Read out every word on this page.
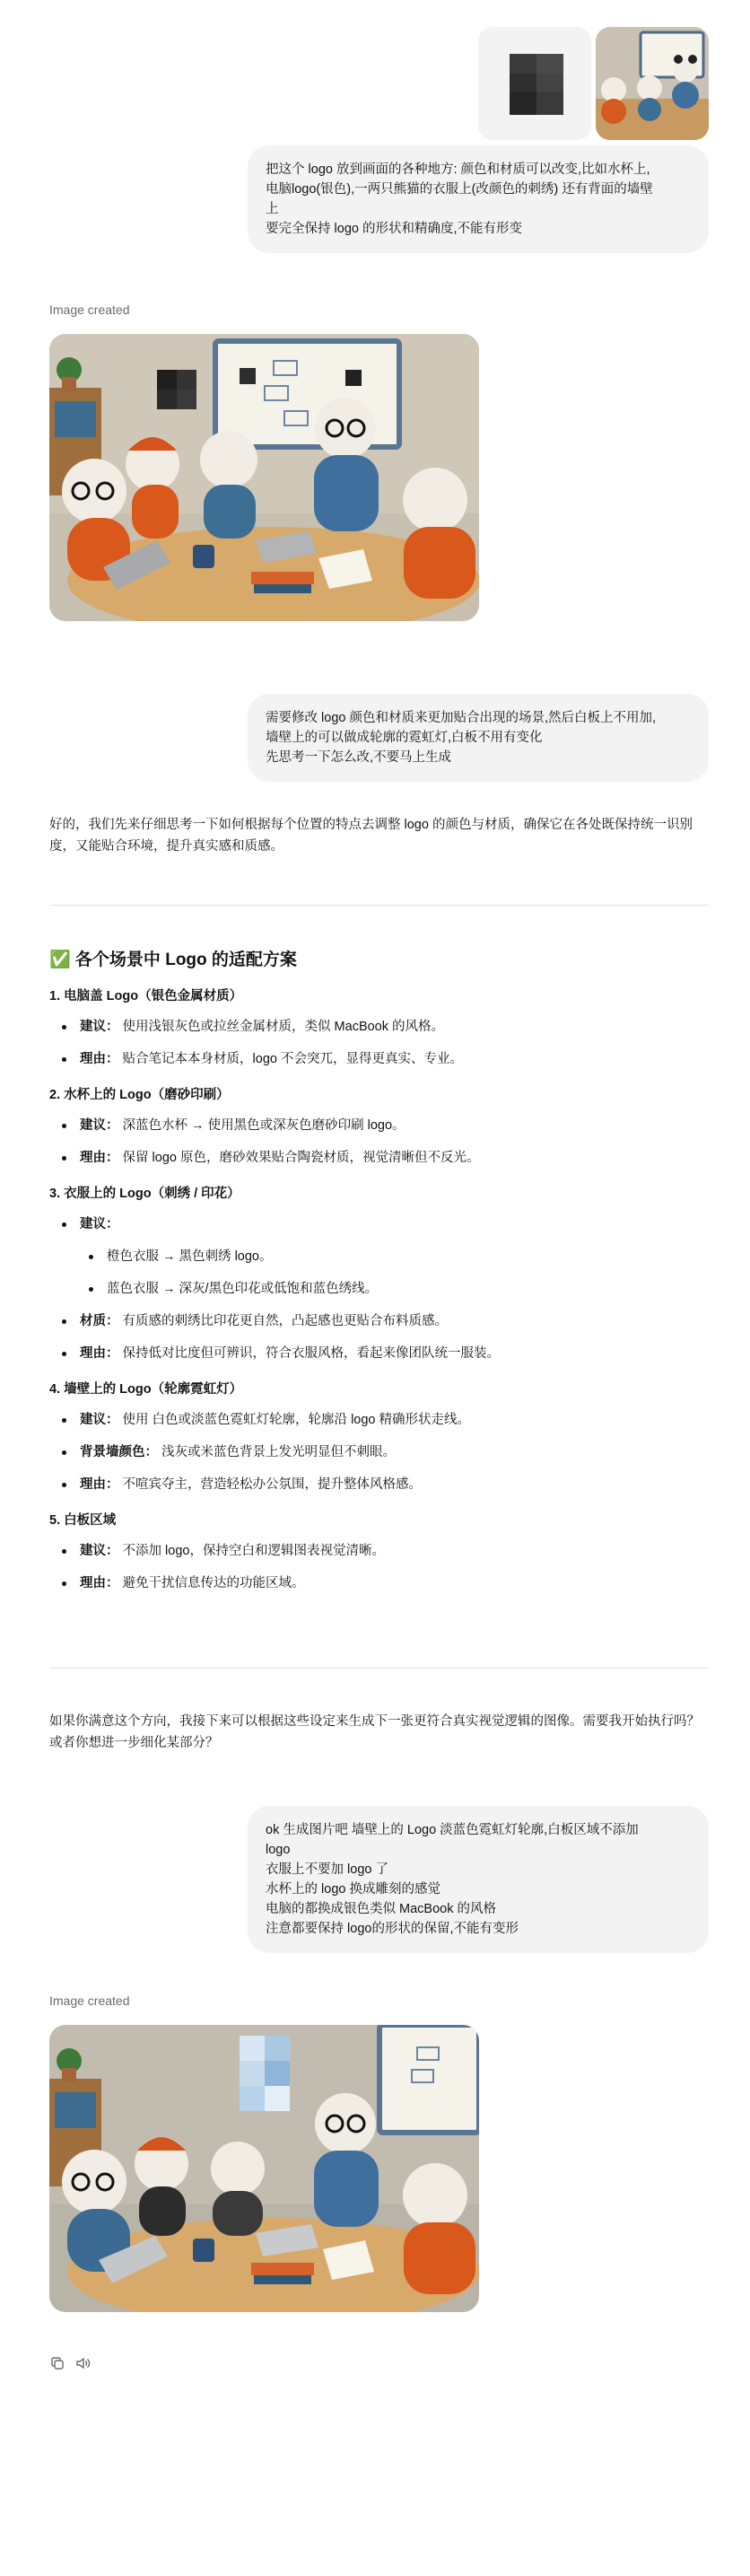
把这个 logo 放到画面的各种地方: 颜色和材质可以改变,比如水杯上,

电脑logo(银色),一两只熊猫的衣服上(改颜色的刺绣) 还有背面的墙壁

上

要完全保持 logo 的形状和精确度,不能有形变

Image created

需要修改 logo 颜色和材质来更加贴合出现的场景,然后白板上不用加,

墙壁上的可以做成轮廓的霓虹灯,白板不用有变化

先思考一下怎么改,不要马上生成

好的，我们先来仔细思考一下如何根据每个位置的特点去调整 logo 的颜色与材质，确保它在各处既保持统一识别度，又能贴合环境，提升真实感和质感。

✅ 各个场景中 Logo 的适配方案
1. 电脑盖 Logo（银色金属材质）
建议： 使用浅银灰色或拉丝金属材质，类似 MacBook 的风格。
理由： 贴合笔记本本身材质，logo 不会突兀，显得更真实、专业。
2. 水杯上的 Logo（磨砂印刷）
建议： 深蓝色水杯 → 使用黑色或深灰色磨砂印刷 logo。
理由： 保留 logo 原色，磨砂效果贴合陶瓷材质，视觉清晰但不反光。
3. 衣服上的 Logo（刺绣 / 印花）
建议：
橙色衣服 → 黑色刺绣 logo。
蓝色衣服 → 深灰/黑色印花或低饱和蓝色绣线。
材质： 有质感的刺绣比印花更自然，凸起感也更贴合布料质感。
理由： 保持低对比度但可辨识，符合衣服风格，看起来像团队统一服装。
4. 墙壁上的 Logo（轮廓霓虹灯）
建议： 使用 白色或淡蓝色霓虹灯轮廓，轮廓沿 logo 精确形状走线。
背景墙颜色： 浅灰或米蓝色背景上发光明显但不刺眼。
理由： 不喧宾夺主，营造轻松办公氛围，提升整体风格感。
5. 白板区域
建议： 不添加 logo，保持空白和逻辑图表视觉清晰。
理由： 避免干扰信息传达的功能区域。

如果你满意这个方向，我接下来可以根据这些设定来生成下一张更符合真实视觉逻辑的图像。需要我开始执行吗？或者你想进一步细化某部分？

ok 生成图片吧 墙壁上的 Logo 淡蓝色霓虹灯轮廓,白板区域不添加

logo

衣服上不要加 logo 了

水杯上的 logo 换成雕刻的感觉

电脑的都换成银色类似 MacBook 的风格

注意都要保持 logo的形状的保留,不能有变形

Image created
